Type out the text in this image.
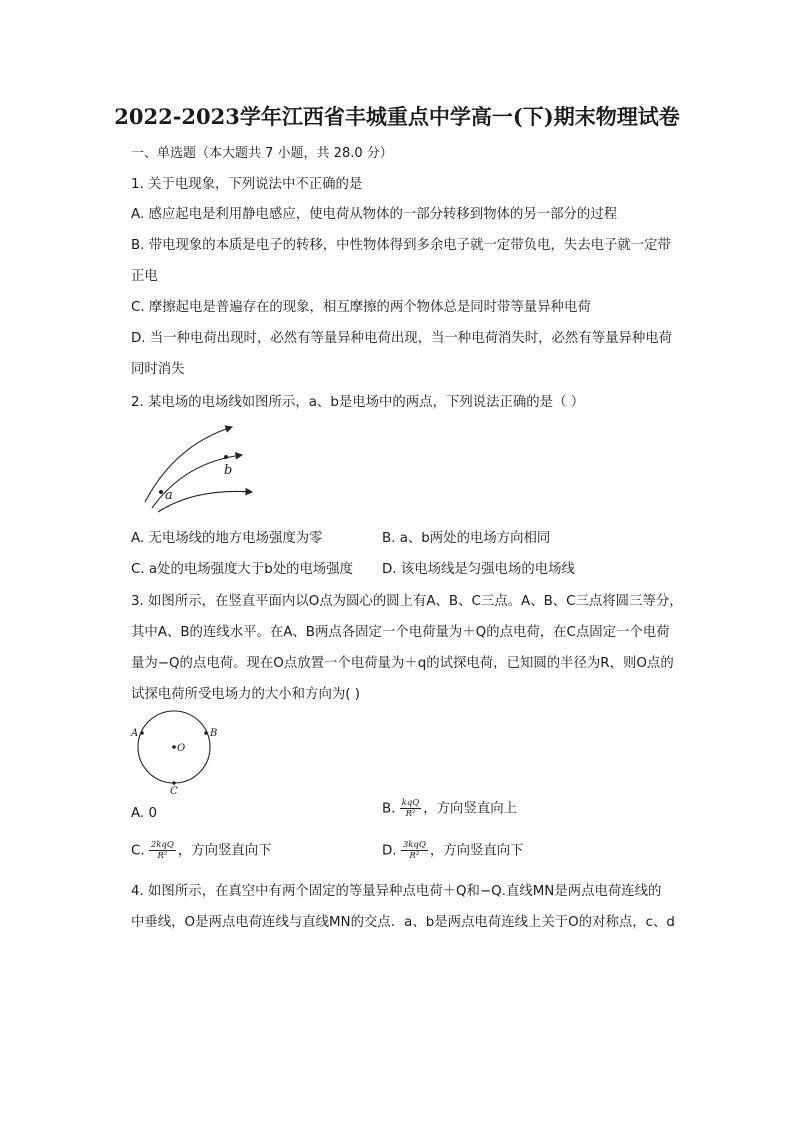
2022-2023学年江西省丰城重点中学高一(下)期末物理试卷
一、单选题（本大题共 7 小题，共 28.0 分）
1. 关于电现象，下列说法中不正确的是
A. 感应起电是利用静电感应，使电荷从物体的一部分转移到物体的另一部分的过程
B. 带电现象的本质是电子的转移，中性物体得到多余电子就一定带负电，失去电子就一定带
正电
C. 摩擦起电是普遍存在的现象，相互摩擦的两个物体总是同时带等量异种电荷
D. 当一种电荷出现时，必然有等量异种电荷出现，当一种电荷消失时，必然有等量异种电荷
同时消失
2. 某电场的电场线如图所示，a、b是电场中的两点，下列说法正确的是（ ）
a
b
A. 无电场线的地方电场强度为零	B. a、b两处的电场方向相同
C. a处的电场强度大于b处的电场强度 D. 该电场线是匀强电场的电场线
3. 如图所示，在竖直平面内以O点为圆心的圆上有A、B、C三点。A、B、C三点将圆三等分，
其中A、B的连线水平。在A、B两点各固定一个电荷量为＋Q的点电荷，在C点固定一个电荷
量为−Q的点电荷。现在O点放置一个电荷量为＋q的试探电荷，已知圆的半径为R，则O点的
试探电荷所受电场力的大小和方向为( )
A	B
O
C
A. 0	B. $\frac{\text{kqQ}}{\text{R²}}$ ，方向竖直向上
C. $\frac{\text{2kqQ}}{\text{R²}}$ ，方向竖直向下	D. $\frac{\text{3kqQ}}{\text{R²}}$ ，方向竖直向下
4. 如图所示，在真空中有两个固定的等量异种点电荷＋Q和−Q.直线MN是两点电荷连线的
中垂线，O是两点电荷连线与直线MN的交点．a、b是两点电荷连线上关于O的对称点，c、d
